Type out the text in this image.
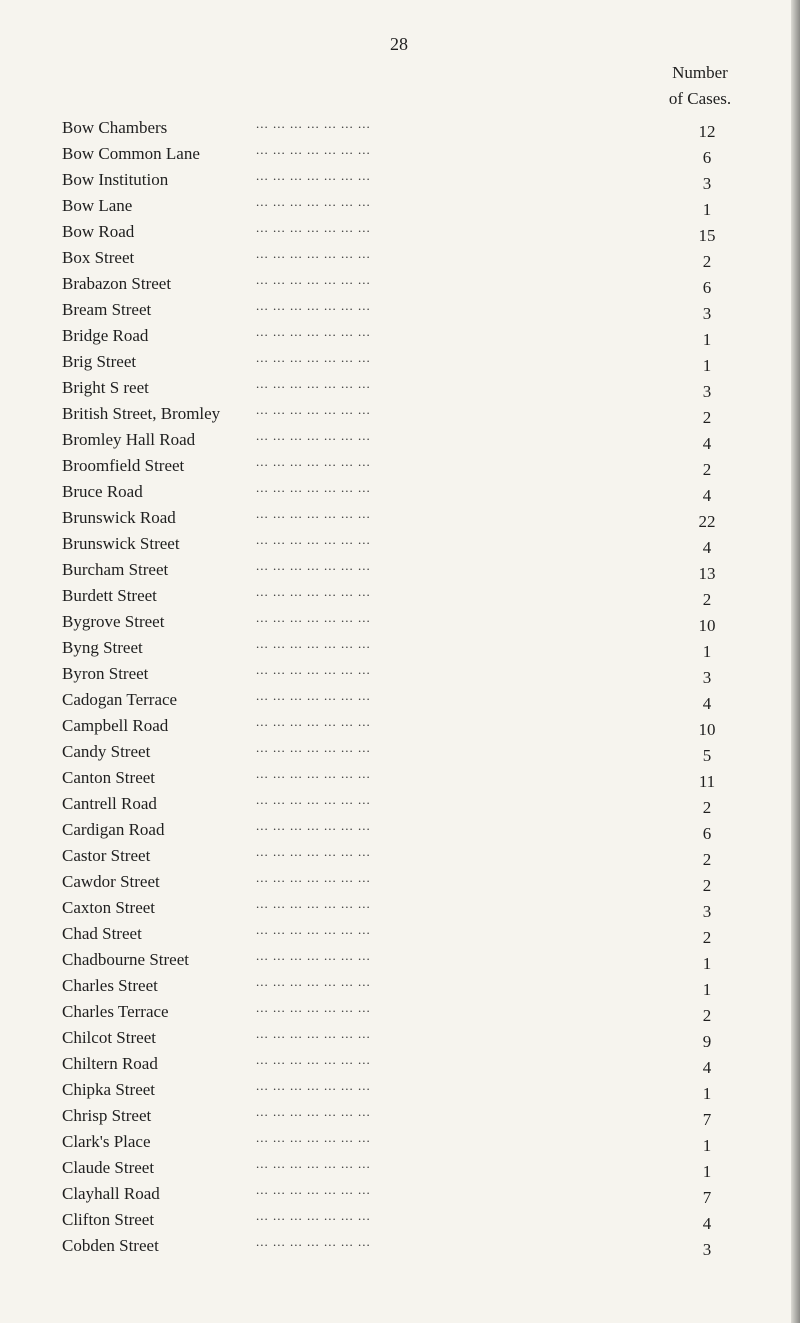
28
Number
of Cases.
... ... ... ... ... ... ...
Bow Chambers	12
... ... ... ... ... ... ...
Bow Common Lane	6
... ... ... ... ... ... ...
Bow Institution	3
... ... ... ... ... ... ...
Bow Lane	1
... ... ... ... ... ... ...
Bow Road	15
... ... ... ... ... ... ...
Box Street	2
... ... ... ... ... ... ...
Brabazon Street	6
... ... ... ... ... ... ...
Bream Street	3
... ... ... ... ... ... ...
Bridge Road	1
... ... ... ... ... ... ...
Brig Street	1
... ... ... ... ... ... ...
Bright S reet	3
... ... ... ... ... ... ...
British Street, Bromley	2
... ... ... ... ... ... ...
Bromley Hall Road	4
... ... ... ... ... ... ...
Broomfield Street	2
... ... ... ... ... ... ...
Bruce Road	4
... ... ... ... ... ... ...
Brunswick Road	22
... ... ... ... ... ... ...
Brunswick Street	4
... ... ... ... ... ... ...
Burcham Street	13
... ... ... ... ... ... ...
Burdett Street	2
... ... ... ... ... ... ...
Bygrove Street	10
... ... ... ... ... ... ...
Byng Street	1
... ... ... ... ... ... ...
Byron Street	3
... ... ... ... ... ... ...
Cadogan Terrace	4
... ... ... ... ... ... ...
Campbell Road	10
... ... ... ... ... ... ...
Candy Street	5
... ... ... ... ... ... ...
Canton Street	11
... ... ... ... ... ... ...
Cantrell Road	2
... ... ... ... ... ... ...
Cardigan Road	6
... ... ... ... ... ... ...
Castor Street	2
... ... ... ... ... ... ...
Cawdor Street	2
... ... ... ... ... ... ...
Caxton Street	3
... ... ... ... ... ... ...
Chad Street	2
... ... ... ... ... ... ...
Chadbourne Street	1
... ... ... ... ... ... ...
Charles Street	1
... ... ... ... ... ... ...
Charles Terrace	2
... ... ... ... ... ... ...
Chilcot Street	9
... ... ... ... ... ... ...
Chiltern Road	4
... ... ... ... ... ... ...
Chipka Street	1
... ... ... ... ... ... ...
Chrisp Street	7
... ... ... ... ... ... ...
Clark's Place	1
... ... ... ... ... ... ...
Claude Street	1
... ... ... ... ... ... ...
Clayhall Road	7
... ... ... ... ... ... ...
Clifton Street	4
... ... ... ... ... ... ...
Cobden Street	3
